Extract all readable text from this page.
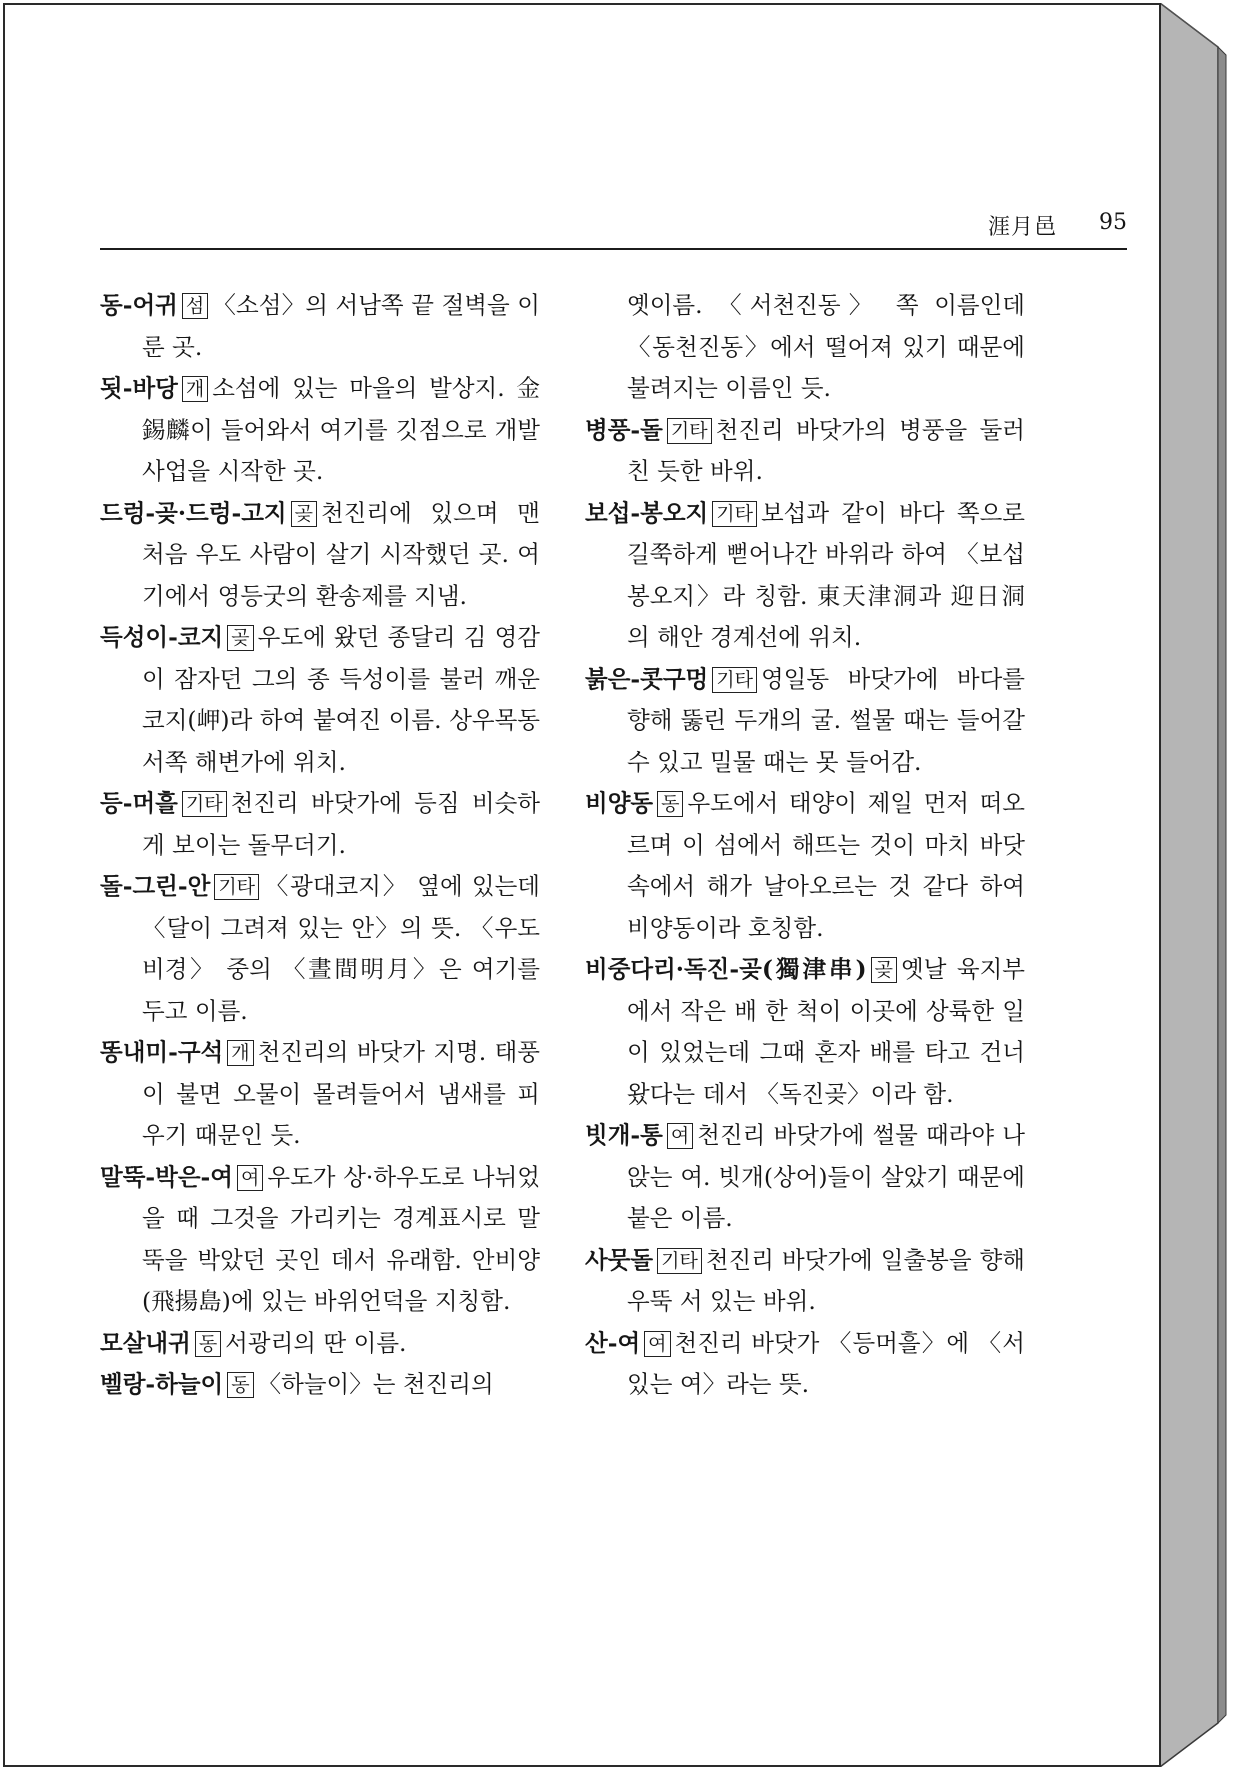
涯月邑 95

동-어귀 섬 〈소섬〉의 서남쪽 끝 절벽을 이룬 곳.

됫-바당 개 소섬에 있는 마을의 발상지. 金錫麟이 들어와서 여기를 깃점으로 개발사업을 시작한 곳.

드렁-곶·드렁-고지 곶 천진리에 있으며 맨처음 우도 사람이 살기 시작했던 곳. 여기에서 영등굿의 환송제를 지냄.

득성이-코지 곶 우도에 왔던 종달리 김 영감이 잠자던 그의 종 득성이를 불러 깨운 코지(岬)라 하여 붙여진 이름. 상우목동 서쪽 해변가에 위치.

등-머흘 기타 천진리 바닷가에 등짐 비슷하게 보이는 돌무더기.

돌-그린-안 기타 〈광대코지〉 옆에 있는데 〈달이 그려져 있는 안〉의 뜻. 〈우도 비경〉 중의 〈晝間明月〉은 여기를 두고 이름.

똥내미-구석 개 천진리의 바닷가 지명. 태풍이 불면 오물이 몰려들어서 냄새를 피우기 때문인 듯.

말뚝-박은-여 여 우도가 상·하우도로 나뉘었을 때 그것을 가리키는 경계표시로 말뚝을 박았던 곳인 데서 유래함. 안비양(飛揚島)에 있는 바위언덕을 지칭함.

모살내귀 동 서광리의 딴 이름.

벨랑-하늘이 동 〈하늘이〉는 천진리의

옛이름. 〈서천진동〉 쪽 이름인데 〈동천진동〉에서 떨어져 있기 때문에 불려지는 이름인 듯.

병풍-돌 기타 천진리 바닷가의 병풍을 둘러친 듯한 바위.

보섭-봉오지 기타 보섭과 같이 바다 쪽으로 길쭉하게 뻗어나간 바위라 하여 〈보섭봉오지〉라 칭함. 東天津洞과 迎日洞의 해안 경계선에 위치.

붉은-콧구멍 기타 영일동 바닷가에 바다를 향해 뚫린 두개의 굴. 썰물 때는 들어갈 수 있고 밀물 때는 못 들어감.

비양동 동 우도에서 태양이 제일 먼저 떠오르며 이 섬에서 해뜨는 것이 마치 바닷속에서 해가 날아오르는 것 같다 하여 비양동이라 호칭함.

비중다리·독진-곶(獨津串) 곶 옛날 육지부에서 작은 배 한 척이 이곳에 상륙한 일이 있었는데 그때 혼자 배를 타고 건너왔다는 데서 〈독진곶〉이라 함.

빗개-통 여 천진리 바닷가에 썰물 때라야 나앉는 여. 빗개(상어)들이 살았기 때문에 붙은 이름.

사뭇돌 기타 천진리 바닷가에 일출봉을 향해 우뚝 서 있는 바위.

산-여 여 천진리 바닷가 〈등머흘〉에 〈서 있는 여〉라는 뜻.
